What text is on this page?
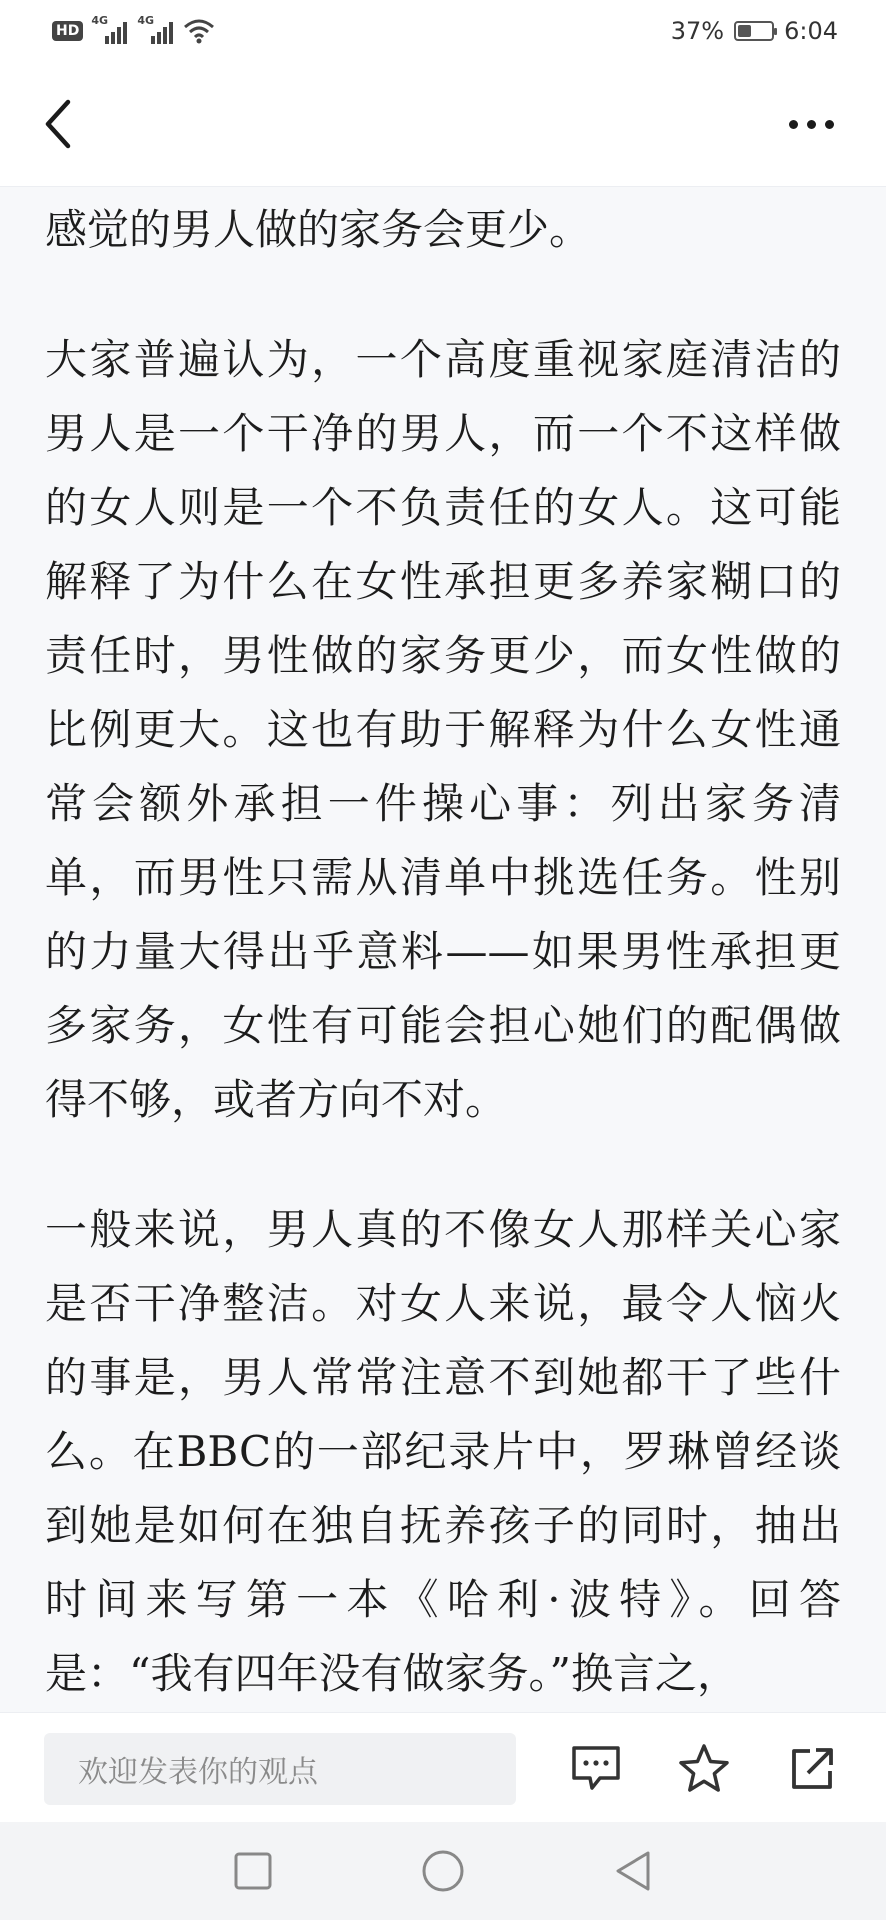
HD
4G	4G	37%	6:04

感觉的男人做的家务会更少。

大家普遍认为，一个高度重视家庭清洁的男人是一个干净的男人，而一个不这样做的女人则是一个不负责任的女人。这可能解释了为什么在女性承担更多养家糊口的责任时，男性做的家务更少，而女性做的比例更大。这也有助于解释为什么女性通常会额外承担一件操心事：列出家务清单，而男性只需从清单中挑选任务。性别的力量大得出乎意料——如果男性承担更多家务，女性有可能会担心她们的配偶做得不够，或者方向不对。

一般来说，男人真的不像女人那样关心家是否干净整洁。对女人来说，最令人恼火的事是，男人常常注意不到她都干了些什么。在BBC的一部纪录片中，罗琳曾经谈到她是如何在独自抚养孩子的同时，抽出时间来写第一本《哈利·波特》。回答是：“我有四年没有做家务。”换言之，

欢迎发表你的观点
